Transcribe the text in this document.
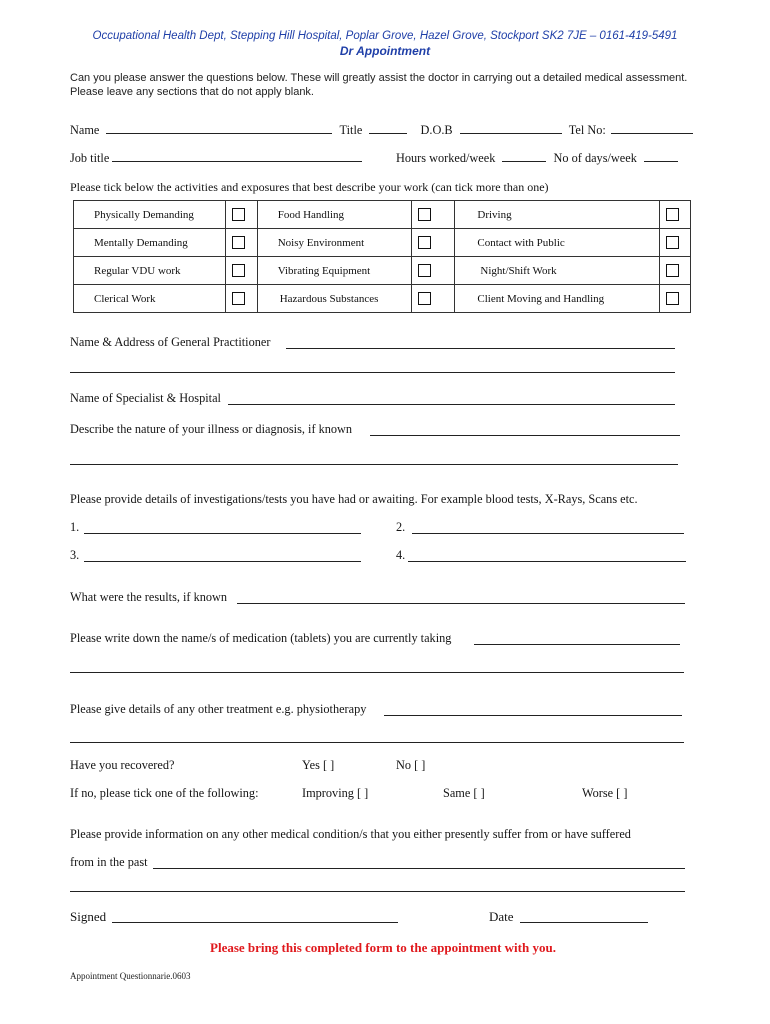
Occupational Health Dept, Stepping Hill Hospital, Poplar Grove, Hazel Grove, Stockport SK2 7JE – 0161-419-5491
Dr Appointment
Can you please answer the questions below. These will greatly assist the doctor in carrying out a detailed medical assessment. Please leave any sections that do not apply blank.
Name	Title	D.O.B	Tel No:
Job title	Hours worked/week	No of days/week
Please tick below the activities and exposures that best describe your work (can tick more than one)
Physically Demanding		Food Handling		Driving	
Mentally Demanding		Noisy Environment		Contact with Public	
Regular VDU work		Vibrating Equipment		Night/Shift Work	
Clerical Work		Hazardous Substances		Client Moving and Handling	
Name & Address of General Practitioner
Name of Specialist & Hospital
Describe the nature of your illness or diagnosis, if known
Please provide details of investigations/tests you have had or awaiting. For example blood tests, X-Rays, Scans etc.
1.	2.
3.	4.
What were the results, if known
Please write down the name/s of medication (tablets) you are currently taking
Please give details of any other treatment e.g. physiotherapy
Have you recovered?	Yes [ ]	No [ ]
If no, please tick one of the following:	Improving [ ]	Same [ ]	Worse [ ]
Please provide information on any other medical condition/s that you either presently suffer from or have suffered
from in the past
Signed	Date
Please bring this completed form to the appointment with you.
Appointment Questionnarie.0603
